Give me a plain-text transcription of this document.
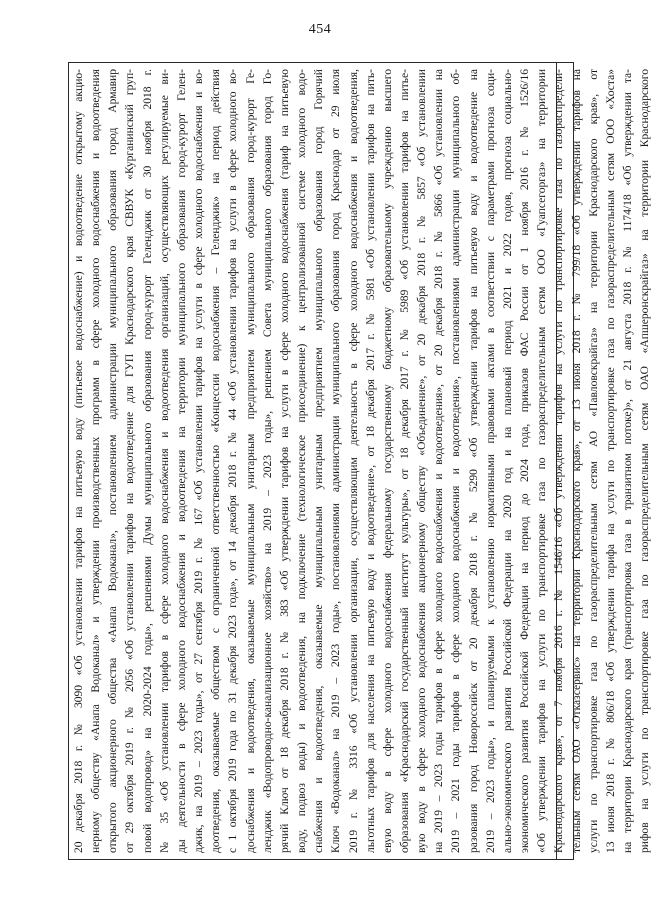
454
20 декабря 2018 г. № 3090 «Об установлении тарифов на питьевую воду (питьевое водоснабжение) и водоотведение открытому акцио- нерному обществу «Анапа Водоканал» и утверждении производственных программ в сфере холодного водоснабжения и водоотведения открытого акционерного общества «Анапа Водоканал», постановлением администрации муниципального образования город Армавир от 29 октября 2019 г. № 2056 «Об установлении тарифов на водоотведение для ГУП Краснодарского края СВВУК «Курганинский груп- повой водопровод» на 2020-2024 годы», решениями Думы муниципального образования город-курорт Геленджик от 30 ноября 2018 г. № 35 «Об установлении тарифов в сфере холодного водоснабжения и водоотведения организаций, осуществляющих регулируемые ви- ды деятельности в сфере холодного водоснабжения и водоотведения на территории муниципального образования город-курорт Гелен- джик, на 2019 – 2023 годы», от 27 сентября 2019 г. № 167 «Об установлении тарифов на услуги в сфере холодного водоснабжения и во- доотведения, оказываемые обществом с ограниченной ответственностью «Концессии водоснабжения – Геленджик» на период действия с 1 октября 2019 года по 31 декабря 2023 года», от 14 декабря 2018 г. № 44 «Об установлении тарифов на услуги в сфере холодного во- доснабжения и водоотведения, оказываемые муниципальным унитарным предприятием муниципального образования город-курорт Ге- ленджик «Водопроводно-канализационное хозяйство» на 2019 – 2023 годы», решением Совета муниципального образования город Го- рячий Ключ от 18 декабря 2018 г. № 383 «Об утверждении тарифов на услуги в сфере холодного водоснабжения (тариф на питьевую воду, подвоз воды) и водоотведения, на подключение (технологическое присоединение) к централизованной системе холодного водо- снабжения и водоотведения, оказываемые муниципальным унитарным предприятием муниципального образования город Горячий Ключ «Водоканал» на 2019 – 2023 годы», постановлениями администрации муниципального образования город Краснодар от 29 июля 2019 г. № 3316 «Об установлении организации, осуществляющим деятельность в сфере холодного водоснабжения и водоотведения, льготных тарифов для населения на питьевую воду и водоотведение», от 18 декабря 2017 г. № 5981 «Об установлении тарифов на пить- евую воду в сфере холодного водоснабжения федеральному государственному бюджетному образовательному учреждению высшего образования «Краснодарский государственный институт культуры», от 18 декабря 2017 г. № 5989 «Об установлении тарифов на питье- вую воду в сфере холодного водоснабжения акционерному обществу «Объединение», от 20 декабря 2018 г. № 5857 «Об установлении на 2019 – 2023 годы тарифов в сфере холодного водоснабжения и водоотведения», от 20 декабря 2018 г. № 5866 «Об установлении на 2019 – 2021 годы тарифов в сфере холодного водоснабжения и водоотведения», постановлениями администрации муниципального об- разования город Новороссийск от 20 декабря 2018 г. № 5290 «Об утверждении тарифов на питьевую воду и водоотведение на 2019 – 2023 годы», и планируемыми к установлению нормативными правовыми актами в соответствии с параметрами прогноза соци- ально-экономического развития Российской Федерации на 2020 год и на плановый период 2021 и 2022 годов, прогноза социально- экономического развития Российской Федерации на период до 2024 года, приказов ФАС России от 1 ноября 2016 г. № 1526/16 «Об утверждении тарифов на услуги по транспортировке газа по газораспределительным сетям ООО «Гуапсегоргаз» на территории Краснодарского края», от 7 ноября 2016 г. № 1546/16 «Об утверждении тарифов на услуги по транспортировке газа по газораспредели- тельным сетям ОАО «Отказсервис» на территории Краснодарского края», от 13 июня 2018 г. № 799/18 «Об утверждении тарифов на услуги по транспортировке газа по газораспределительным сетям АО «Павловскрайгаз» на территории Краснодарского края», от 13 июня 2018 г. № 806/18 «Об утверждении тарифа на услуги по транспортировке газа по газораспределительным сетям ООО «Хоста» на территории Краснодарского края (транспортировка газа в транзитном потоке)», от 21 августа 2018 г. № 1174/18 «Об утверждении та- рифов на услуги по транспортировке газа по газораспределительным сетям ОАО «Апшеронскрайгаз» на территории Краснодарского
